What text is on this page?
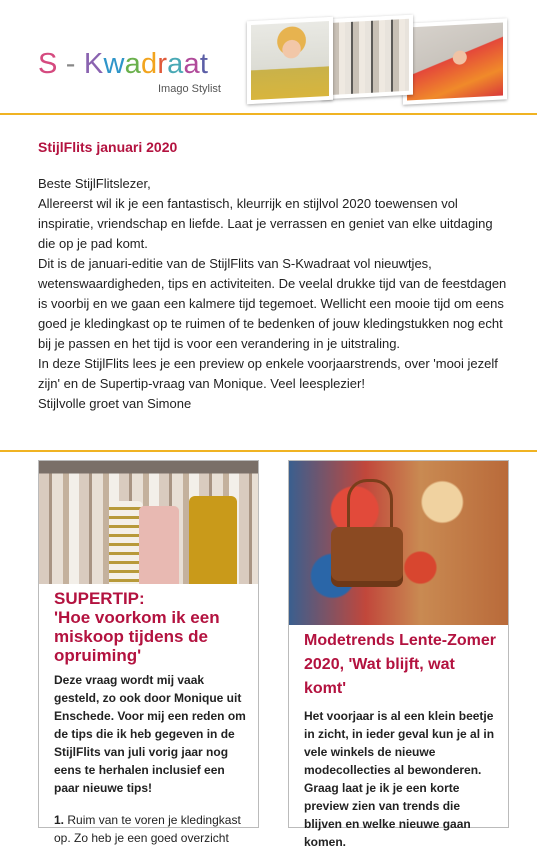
S - Kwadraat
Imago Stylist
StijlFlits januari 2020

Beste StijlFlitslezer,

Allereerst wil ik je een fantastisch, kleurrijk en stijlvol 2020 toewensen vol inspiratie, vriendschap en liefde. Laat je verrassen en geniet van elke uitdaging die op je pad komt.

Dit is de januari-editie van de StijlFlits van S-Kwadraat vol nieuwtjes, wetenswaardigheden, tips en activiteiten. De veelal drukke tijd van de feestdagen is voorbij en we gaan een kalmere tijd tegemoet. Wellicht een mooie tijd om eens goed je kledingkast op te ruimen of te bedenken of jouw kledingstukken nog echt bij je passen en het tijd is voor een verandering in je uitstraling.

In deze StijlFlits lees je een preview op enkele voorjaarstrends, over 'mooi jezelf zijn' en de Supertip-vraag van Monique. Veel leesplezier!

Stijlvolle groet van Simone

SUPERTIP:

'Hoe voorkom ik een miskoop tijdens de opruiming'

Deze vraag wordt mij vaak gesteld, zo ook door Monique uit Enschede. Voor mij een reden om de tips die ik heb gegeven in de StijlFlits van juli vorig jaar nog eens te herhalen inclusief een paar nieuwe tips!

1. Ruim van te voren je kledingkast op. Zo heb je een goed overzicht

Modetrends Lente-Zomer 2020, 'Wat blijft, wat komt'

Het voorjaar is al een klein beetje in zicht, in ieder geval kun je al in vele winkels de nieuwe modecollecties al bewonderen. Graag laat je ik je een korte preview zien van trends die blijven en welke nieuwe gaan komen.
